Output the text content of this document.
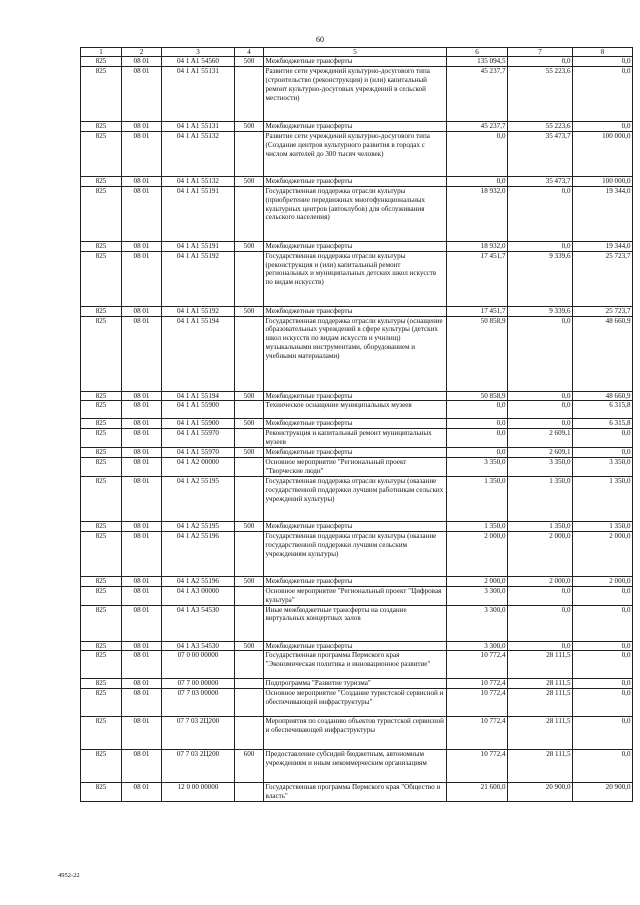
60
1	2	3	4	5	6	7	8
825	08 01	04 1 A1 54560	500	Межбюджетные трансферты	135 094,5	0,0	0,0
825	08 01	04 1 A1 55131		Развитие сети учреждений культурно-досугового типа (строительство (реконструкция) и (или) капитальный ремонт культурно-досуговых учреждений в сельской местности)	45 237,7	55 223,6	0,0
825	08 01	04 1 A1 55131	500	Межбюджетные трансферты	45 237,7	55 223,6	0,0
825	08 01	04 1 A1 55132		Развитие сети учреждений культурно-досугового типа (Создание центров культурного развития в городах с числом жителей до 300 тысяч человек)	0,0	35 473,7	100 000,0
825	08 01	04 1 A1 55132	500	Межбюджетные трансферты	0,0	35 473,7	100 000,0
825	08 01	04 1 A1 55191		Государственная поддержка отрасли культуры (приобретение передвижных многофункциональных культурных центров (автоклубов) для обслуживания сельского населения)	18 932,0	0,0	19 344,0
825	08 01	04 1 A1 55191	500	Межбюджетные трансферты	18 932,0	0,0	19 344,0
825	08 01	04 1 A1 55192		Государственная поддержка отрасли культуры (реконструкция и (или) капитальный ремонт региональных и муниципальных детских школ искусств по видам искусств)	17 451,7	9 339,6	25 723,7
825	08 01	04 1 A1 55192	500	Межбюджетные трансферты	17 451,7	9 339,6	25 723,7
825	08 01	04 1 A1 55194		Государственная поддержка отрасли культуры (оснащение образовательных учреждений в сфере культуры (детских школ искусств по видам искусств и училищ) музыкальными инструментами, оборудованием и учебными материалами)	50 858,9	0,0	48 660,9
825	08 01	04 1 A1 55194	500	Межбюджетные трансферты	50 858,9	0,0	48 660,9
825	08 01	04 1 A1 55900		Техническое оснащение муниципальных музеев	0,0	0,0	6 315,8
825	08 01	04 1 A1 55900	500	Межбюджетные трансферты	0,0	0,0	6 315,8
825	08 01	04 1 A1 55970		Реконструкция и капитальный ремонт муниципальных музеев	0,0	2 609,1	0,0
825	08 01	04 1 A1 55970	500	Межбюджетные трансферты	0,0	2 609,1	0,0
825	08 01	04 1 A2 00000		Основное мероприятие "Региональный проект "Творческие люди"	3 350,0	3 350,0	3 350,0
825	08 01	04 1 A2 55195		Государственная поддержка отрасли культуры (оказание государственной поддержки лучшим работникам сельских учреждений культуры)	1 350,0	1 350,0	1 350,0
825	08 01	04 1 A2 55195	500	Межбюджетные трансферты	1 350,0	1 350,0	1 350,0
825	08 01	04 1 A2 55196		Государственная поддержка отрасли культуры (оказание государственной поддержки лучшим сельским учреждениям культуры)	2 000,0	2 000,0	2 000,0
825	08 01	04 1 A2 55196	500	Межбюджетные трансферты	2 000,0	2 000,0	2 000,0
825	08 01	04 1 A3 00000		Основное мероприятие "Региональный проект "Цифровая культура"	3 300,0	0,0	0,0
825	08 01	04 1 A3 54530		Иные межбюджетные трансферты на создание виртуальных концертных залов	3 300,0	0,0	0,0
825	08 01	04 1 A3 54530	500	Межбюджетные трансферты	3 300,0	0,0	0,0
825	08 01	07 0 00 00000		Государственная программа Пермского края "Экономическая политика и инновационное развитие"	10 772,4	28 111,5	0,0
825	08 01	07 7 00 00000		Подпрограмма "Развитие туризма"	10 772,4	28 111,5	0,0
825	08 01	07 7 03 00000		Основное мероприятие "Создание туристской сервисной и обеспечивающей инфраструктуры"	10 772,4	28 111,5	0,0
825	08 01	07 7 03 2Ц200		Мероприятия по созданию объектов туристской сервисной и обеспечивающей инфраструктуры	10 772,4	28 111,5	0,0
825	08 01	07 7 03 2Ц200	600	Предоставление субсидий бюджетным, автономным учреждениям и иным некоммерческим организациям	10 772,4	28 111,5	0,0
825	08 01	12 0 00 00000		Государственная программа Пермского края "Общество и власть"	21 600,0	20 900,0	20 900,0
4952-22
